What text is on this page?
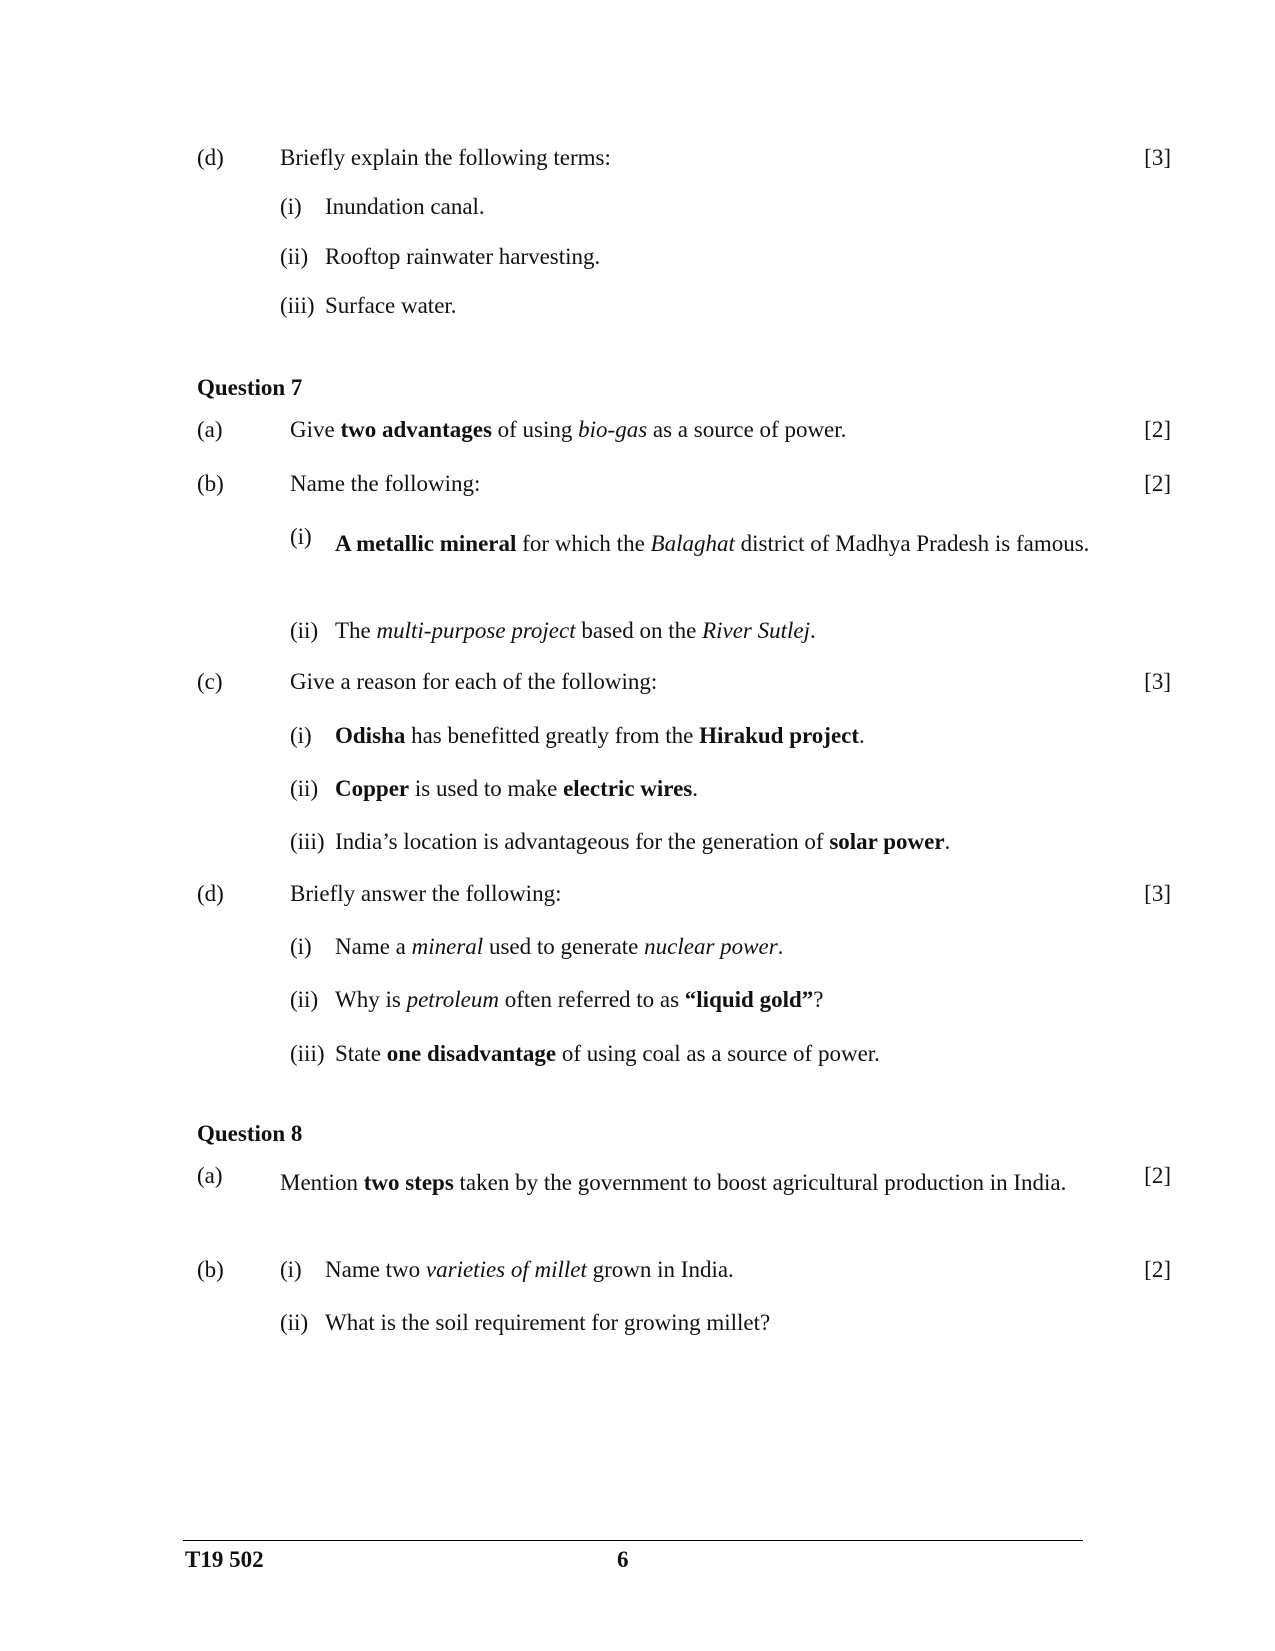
(d) Briefly explain the following terms:	[3]
(i) Inundation canal.
(ii) Rooftop rainwater harvesting.
(iii) Surface water.
Question 7
(a)	Give two advantages of using bio-gas as a source of power.	[2]
(b)	Name the following:	[2]
(i) A metallic mineral for which the Balaghat district of Madhya Pradesh is famous.
(ii) The multi-purpose project based on the River Sutlej.
(c)	Give a reason for each of the following:	[3]
(i) Odisha has benefitted greatly from the Hirakud project.
(ii) Copper is used to make electric wires.
(iii) India’s location is advantageous for the generation of solar power.
(d)	Briefly answer the following:	[3]
(i) Name a mineral used to generate nuclear power.
(ii) Why is petroleum often referred to as “liquid gold”?
(iii) State one disadvantage of using coal as a source of power.
Question 8
(a) Mention two steps taken by the government to boost agricultural production in India.	[2]
(b) (i) Name two varieties of millet grown in India.	[2]
(ii) What is the soil requirement for growing millet?
T19 502	6
